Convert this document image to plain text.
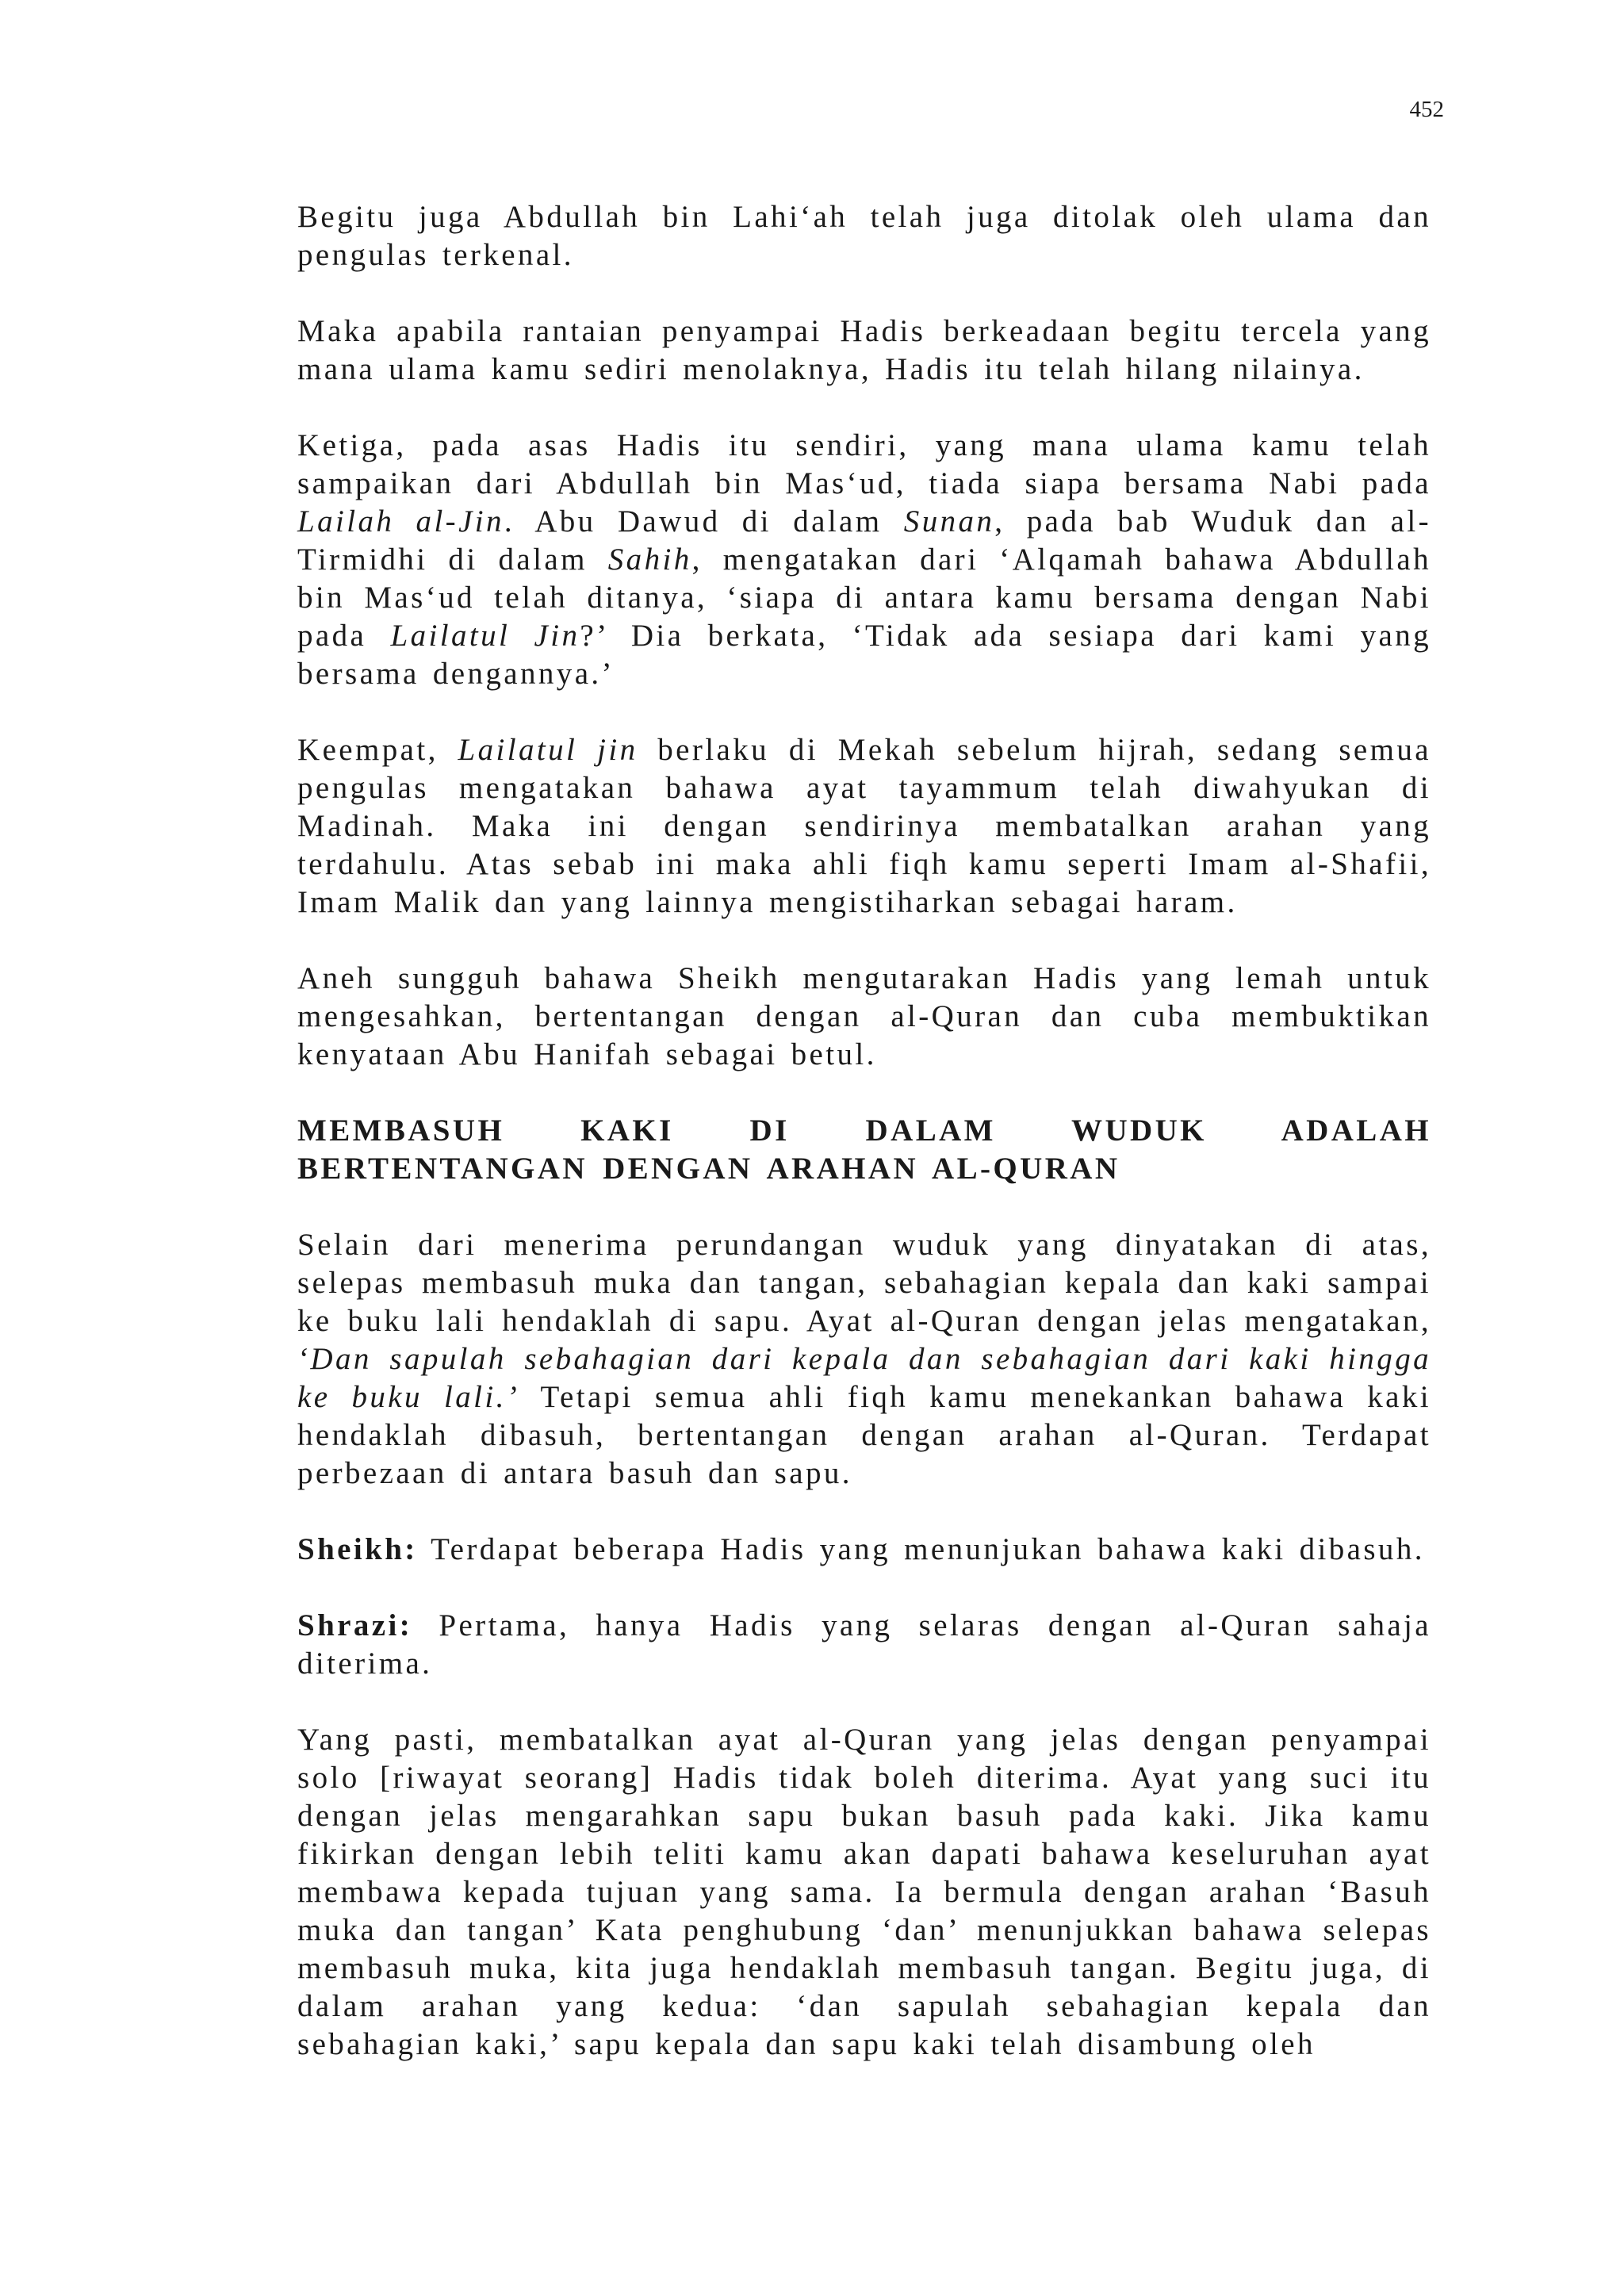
452

Begitu juga Abdullah bin Lahi‘ah telah juga ditolak oleh ulama dan pengulas terkenal.

Maka apabila rantaian penyampai Hadis berkeadaan begitu tercela yang mana ulama kamu sediri menolaknya, Hadis itu telah hilang nilainya.

Ketiga, pada asas Hadis itu sendiri, yang mana ulama kamu telah sampaikan dari Abdullah bin Mas‘ud, tiada siapa bersama Nabi pada Lailah al-Jin. Abu Dawud di dalam Sunan, pada bab Wuduk dan al-Tirmidhi di dalam Sahih, mengatakan dari ‘Alqamah bahawa Abdullah bin Mas‘ud telah ditanya, ‘siapa di antara kamu bersama dengan Nabi pada Lailatul Jin?’ Dia berkata, ‘Tidak ada sesiapa dari kami yang bersama dengannya.’

Keempat, Lailatul jin berlaku di Mekah sebelum hijrah, sedang semua pengulas mengatakan bahawa ayat tayammum telah diwahyukan di Madinah. Maka ini dengan sendirinya membatalkan arahan yang terdahulu. Atas sebab ini maka ahli fiqh kamu seperti Imam al-Shafii, Imam Malik dan yang lainnya mengistiharkan sebagai haram.

Aneh sungguh bahawa Sheikh mengutarakan Hadis yang lemah untuk mengesahkan, bertentangan dengan al-Quran dan cuba membuktikan kenyataan Abu Hanifah sebagai betul.

MEMBASUH KAKI DI DALAM WUDUK ADALAH
BERTENTANGAN DENGAN ARAHAN AL-QURAN

Selain dari menerima perundangan wuduk yang dinyatakan di atas, selepas membasuh muka dan tangan, sebahagian kepala dan kaki sampai ke buku lali hendaklah di sapu. Ayat al-Quran dengan jelas mengatakan, ‘Dan sapulah sebahagian dari kepala dan sebahagian dari kaki hingga ke buku lali.’ Tetapi semua ahli fiqh kamu menekankan bahawa kaki hendaklah dibasuh, bertentangan dengan arahan al-Quran. Terdapat perbezaan di antara basuh dan sapu.

Sheikh: Terdapat beberapa Hadis yang menunjukan bahawa kaki dibasuh.

Shrazi: Pertama, hanya Hadis yang selaras dengan al-Quran sahaja diterima.

Yang pasti, membatalkan ayat al-Quran yang jelas dengan penyampai solo [riwayat seorang] Hadis tidak boleh diterima. Ayat yang suci itu dengan jelas mengarahkan sapu bukan basuh pada kaki. Jika kamu fikirkan dengan lebih teliti kamu akan dapati bahawa keseluruhan ayat membawa kepada tujuan yang sama. Ia bermula dengan arahan ‘Basuh muka dan tangan’ Kata penghubung ‘dan’ menunjukkan bahawa selepas membasuh muka, kita juga hendaklah membasuh tangan. Begitu juga, di dalam arahan yang kedua: ‘dan sapulah sebahagian kepala dan sebahagian kaki,’ sapu kepala dan sapu kaki telah disambung oleh
